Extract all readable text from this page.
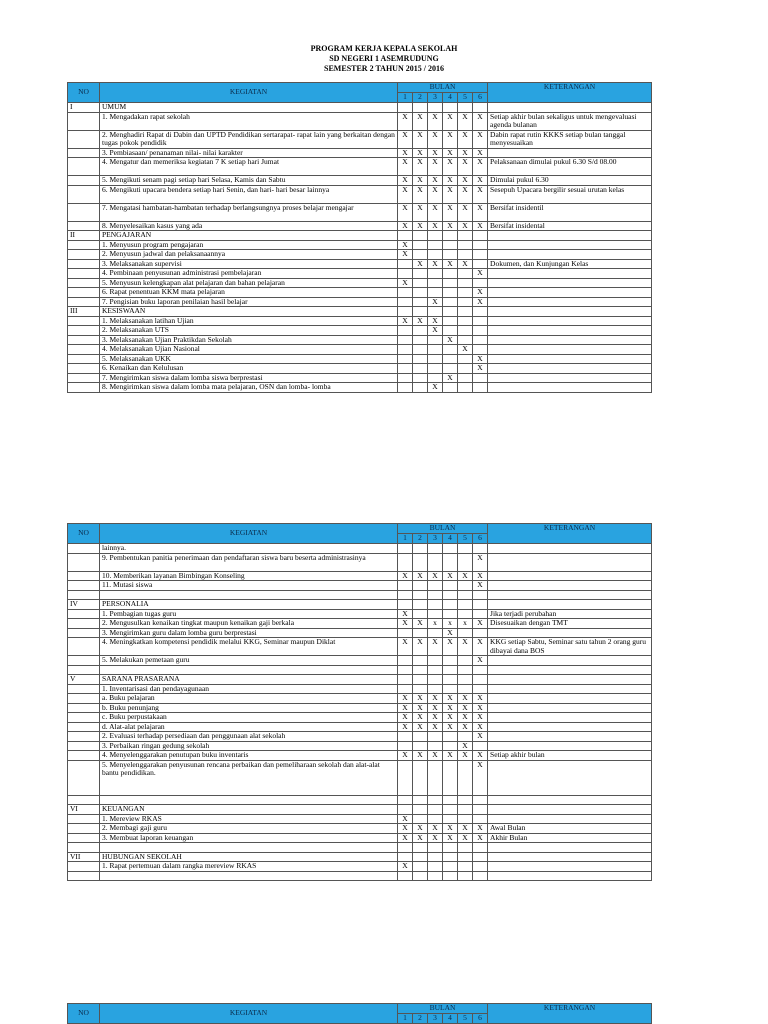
PROGRAM KERJA KEPALA SEKOLAH
SD NEGERI 1 ASEMRUDUNG
SEMESTER 2 TAHUN 2015 / 2016
NO	KEGIATAN	BULAN						KETERANGAN
		1	2	3	4	5	6	
I	UMUM							
	1. Mengadakan rapat sekolah	X	X	X	X	X	X	Setiap akhir bulan sekaligus untuk mengevaluasi agenda bulanan
	2. Menghadiri Rapat di Dabin dan UPTD Pendidikan sertarapat- rapat lain yang berkaitan dengan tugas pokok pendidik	X	X	X	X	X	X	Dabin rapat rutin KKKS setiap bulan tanggal menyesuaikan
	3. Pembiasaan/ penanaman nilai- nilai karakter	X	X	X	X	X	X	
	4. Mengatur dan memeriksa kegiatan 7 K setiap hari Jumat	X	X	X	X	X	X	Pelaksanaan dimulai pukul 6.30 S/d 08.00
	5. Mengikuti senam pagi setiap hari Selasa, Kamis dan Sabtu	X	X	X	X	X	X	Dimulai pukul 6.30
	6. Mengikuti upacara bendera setiap hari Senin, dan hari- hari besar lainnya	X	X	X	X	X	X	Sesepuh Upacara bergilir sesuai urutan kelas
	7. Mengatasi hambatan-hambatan terhadap berlangsungnya proses belajar mengajar	X	X	X	X	X	X	Bersifat insidentil
	8. Menyelesaikan kasus yang ada	X	X	X	X	X	X	Bersifat insidental
II	PENGAJARAN							
	1. Menyusun program pengajaran	X						
	2. Menyusun jadwal dan pelaksanaannya	X						
	3. Melaksanakan supervisi		X	X	X	X		Dokumen, dan Kunjungan Kelas
	4. Pembinaan penyusunan administrasi pembelajaran						X	
	5. Menyusun kelengkapan alat pelajaran dan bahan pelajaran	X						
	6. Rapat penentuan KKM mata pelajaran						X	
	7. Pengisian buku laporan penilaian hasil belajar			X			X	
III	KESISWAAN							
	1. Melaksanakan latihan Ujian	X	X	X				
	2. Melaksanakan UTS			X				
	3. Melaksanakan Ujian Praktikdan Sekolah				X			
	4. Melaksanakan Ujian Nasional					X		
	5. Melaksanakan UKK						X	
	6. Kenaikan dan Kelulusan						X	
	7. Mengirimkan siswa dalam lomba siswa berprestasi				X			
	8. Mengirimkan siswa dalam lomba mata pelajaran, OSN dan lomba- lomba			X				
NO	KEGIATAN	BULAN						KETERANGAN
		1	2	3	4	5	6	
	lainnya.							
	9. Pembentukan panitia penerimaan dan pendaftaran siswa baru beserta administrasinya						X	
	10. Memberikan layanan Bimbingan Konseling	X	X	X	X	X	X	
	11. Mutasi siswa						X	

IV	PERSONALIA							
	1. Pembagian tugas guru	X						Jika terjadi perubahan
	2. Mengusulkan kenaikan tingkat maupun kenaikan gaji berkala	X	X	x	x	x	X	Disesuaikan dengan TMT
	3. Mengirimkan guru dalam lomba guru berprestasi				X			
	4. Meningkatkan kompetensi pendidik melalui KKG, Seminar maupun Diklat	X	X	X	X	X	X	KKG setiap Sabtu, Seminar satu tahun 2 orang guru dibayai dana BOS
	5. Melakukan pemetaan guru						X	

V	SARANA PRASARANA							
	1. Inventarisasi dan pendayagunaan							
	a. Buku pelajaran	X	X	X	X	X	X	
	b. Buku penunjang	X	X	X	X	X	X	
	c. Buku perpustakaan	X	X	X	X	X	X	
	d. Alat-alat pelajaran	X	X	X	X	X	X	
	2. Evaluasi terhadap persediaan dan penggunaan alat sekolah						X	
	3. Perbaikan ringan gedung sekolah					X		
	4. Menyelenggarakan penutupan buku inventaris	X	X	X	X	X	X	Setiap akhir bulan
	5. Menyelenggarakan penyusunan rencana perbaikan dan pemeliharaan sekolah dan alat-alat bantu pendidikan.						X	

VI	KEUANGAN							
	1. Mereview RKAS	X						
	2. Membagi gaji guru	X	X	X	X	X	X	Awal Bulan
	3. Membuat laporan keuangan	X	X	X	X	X	X	Akhir Bulan

VII	HUBUNGAN SEKOLAH							
	1. Rapat pertemuan dalam rangka mereview RKAS	X						

NO	KEGIATAN	BULAN						KETERANGAN
		1	2	3	4	5	6	
